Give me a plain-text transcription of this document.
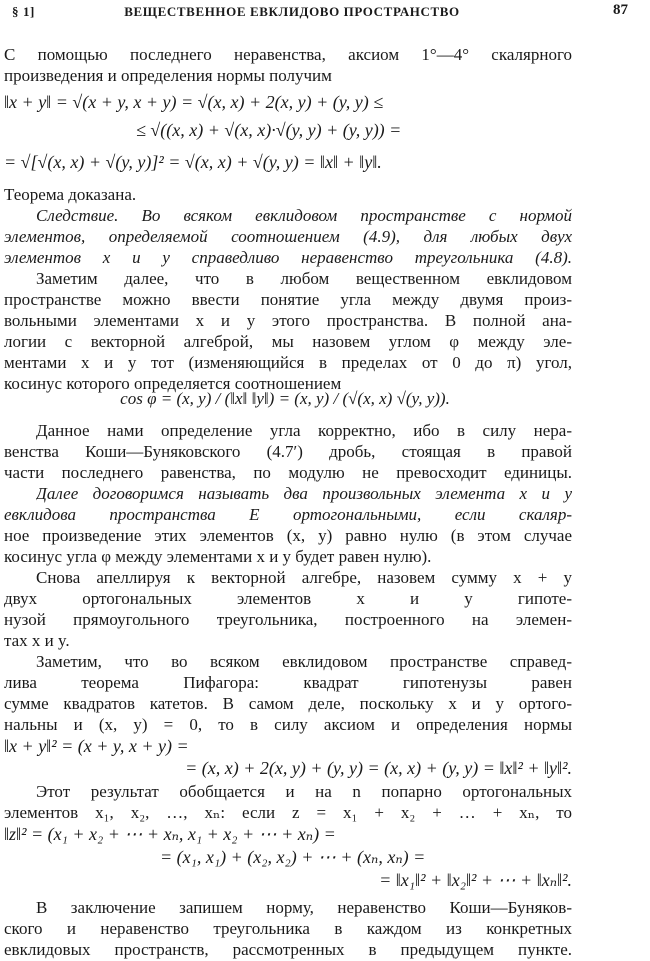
§ 1]	ВЕЩЕСТВЕННОЕ ЕВКЛИДОВО ПРОСТРАНСТВО	87
С помощью последнего неравенства, аксиом 1°—4° скалярного
произведения и определения нормы получим
‖x + y‖ = √(x + y, x + y) = √(x, x) + 2(x, y) + (y, y) ≤
≤ √((x, x) + √(x, x)·√(y, y) + (y, y)) =
= √[√(x, x) + √(y, y)]² = √(x, x) + √(y, y) = ‖x‖ + ‖y‖.
Теорема доказана.
Следствие. Во всяком евклидовом пространстве с нормой
элементов, определяемой соотношением (4.9), для любых двух
элементов x и y справедливо неравенство треугольника (4.8).
Заметим далее, что в любом вещественном евклидовом
пространстве можно ввести понятие угла между двумя произ-
вольными элементами x и y этого пространства. В полной ана-
логии с векторной алгеброй, мы назовем углом φ между эле-
ментами x и y тот (изменяющийся в пределах от 0 до π) угол,
косинус которого определяется соотношением
cos φ = (x, y) / (‖x‖ ‖y‖) = (x, y) / (√(x, x) √(y, y)).
Данное нами определение угла корректно, ибо в силу нера-
венства Коши—Буняковского (4.7′) дробь, стоящая в правой
части последнего равенства, по модулю не превосходит единицы.
Далее договоримся называть два произвольных элемента x и y
евклидова пространства E ортогональными, если скаляр-
ное произведение этих элементов (x, y) равно нулю (в этом случае
косинус угла φ между элементами x и y будет равен нулю).
Снова апеллируя к векторной алгебре, назовем сумму x + y
двух ортогональных элементов x и y гипоте-
нузой прямоугольного треугольника, построенного на элемен-
тах x и y.
Заметим, что во всяком евклидовом пространстве справед-
лива теорема Пифагора: квадрат гипотенузы равен
сумме квадратов катетов. В самом деле, поскольку x и y ортого-
нальны и (x, y) = 0, то в силу аксиом и определения нормы
‖x + y‖² = (x + y, x + y) =
= (x, x) + 2(x, y) + (y, y) = (x, x) + (y, y) = ‖x‖² + ‖y‖².
Этот результат обобщается и на n попарно ортогональных
элементов x₁, x₂, …, xₙ: если z = x₁ + x₂ + … + xₙ, то
‖z‖² = (x₁ + x₂ + ⋯ + xₙ, x₁ + x₂ + ⋯ + xₙ) =
= (x₁, x₁) + (x₂, x₂) + ⋯ + (xₙ, xₙ) =
= ‖x₁‖² + ‖x₂‖² + ⋯ + ‖xₙ‖².
В заключение запишем норму, неравенство Коши—Буняков-
ского и неравенство треугольника в каждом из конкретных
евклидовых пространств, рассмотренных в предыдущем пункте.
